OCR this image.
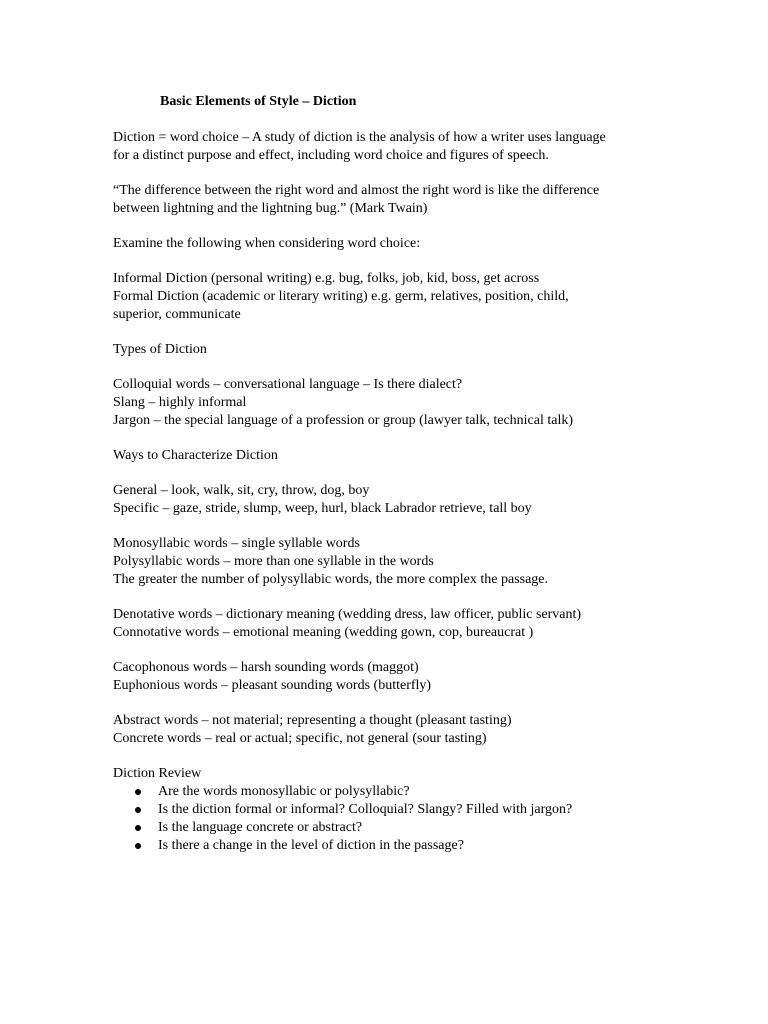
Basic Elements of Style – Diction

Diction = word choice – A study of diction is the analysis of how a writer uses language
for a distinct purpose and effect, including word choice and figures of speech.
“The difference between the right word and almost the right word is like the difference
between lightning and the lightning bug.” (Mark Twain)
Examine the following when considering word choice:
Informal Diction (personal writing) e.g. bug, folks, job, kid, boss, get across
Formal Diction (academic or literary writing) e.g. germ, relatives, position, child,
superior, communicate
Types of Diction
Colloquial words – conversational language – Is there dialect?
Slang – highly informal
Jargon – the special language of a profession or group (lawyer talk, technical talk)
Ways to Characterize Diction
General – look, walk, sit, cry, throw, dog, boy
Specific – gaze, stride, slump, weep, hurl, black Labrador retrieve, tall boy
Monosyllabic words – single syllable words
Polysyllabic words – more than one syllable in the words
The greater the number of polysyllabic words, the more complex the passage.
Denotative words – dictionary meaning (wedding dress, law officer, public servant)
Connotative words – emotional meaning (wedding gown, cop, bureaucrat )
Cacophonous words – harsh sounding words (maggot)
Euphonious words – pleasant sounding words (butterfly)
Abstract words – not material; representing a thought (pleasant tasting)
Concrete words – real or actual; specific, not general (sour tasting)
Diction Review
Are the words monosyllabic or polysyllabic?
Is the diction formal or informal? Colloquial? Slangy? Filled with jargon?
Is the language concrete or abstract?
Is there a change in the level of diction in the passage?
